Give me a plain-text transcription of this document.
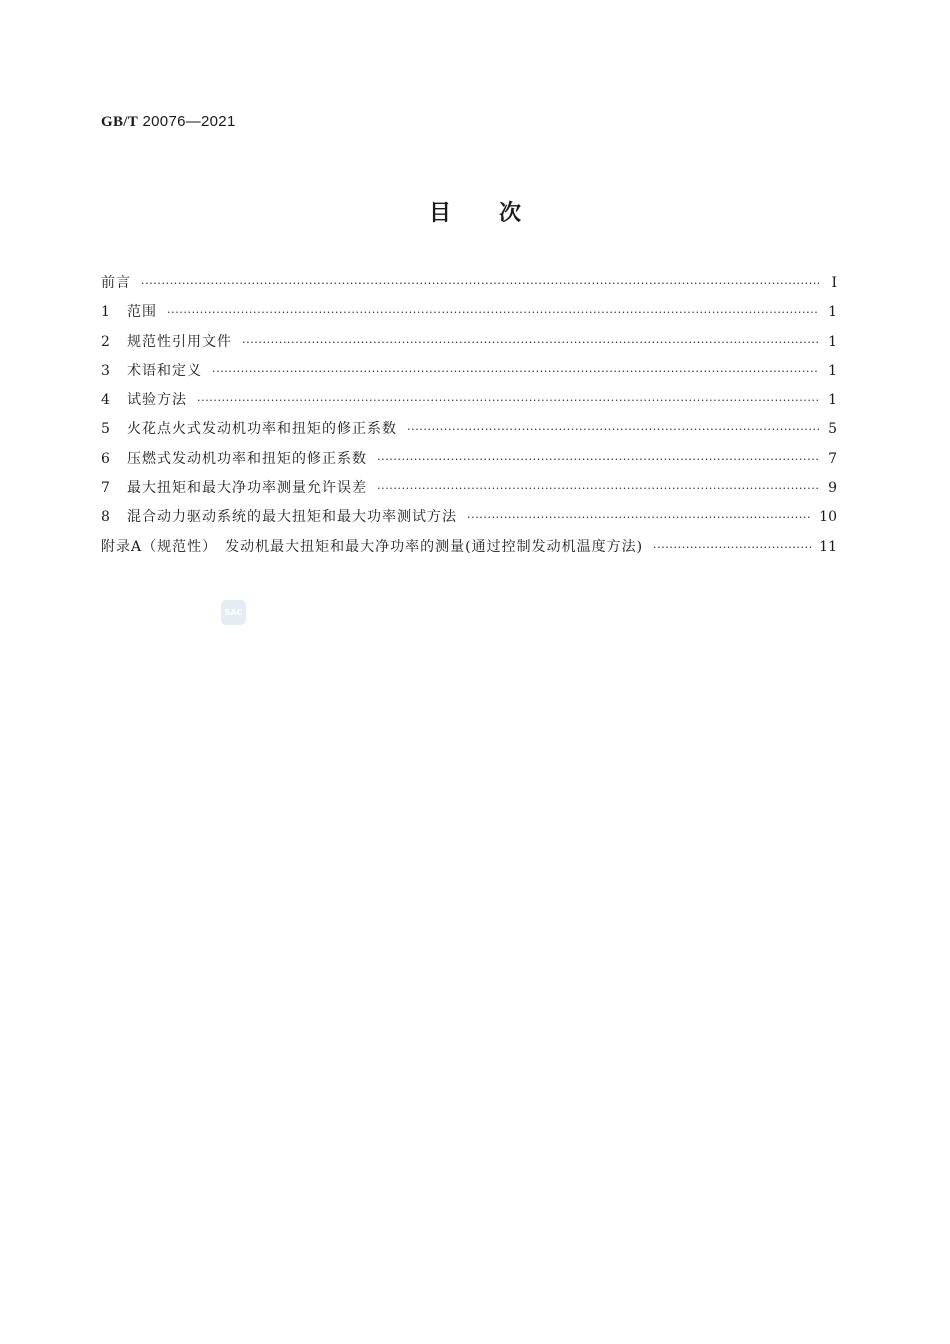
GB/T 20076—2021
目次
前言 ·····	Ⅰ
1	范围 ·····	1
2	规范性引用文件 ·····	1
3	术语和定义 ·····	1
4	试验方法 ·····	1
5	火花点火式发动机功率和扭矩的修正系数 ·····	5
6	压燃式发动机功率和扭矩的修正系数 ·····	7
7	最大扭矩和最大净功率测量允许误差 ·····	9
8	混合动力驱动系统的最大扭矩和最大功率测试方法 ·····	10
附录A（规范性）　发动机最大扭矩和最大净功率的测量(通过控制发动机温度方法) ·····	11
SAC
